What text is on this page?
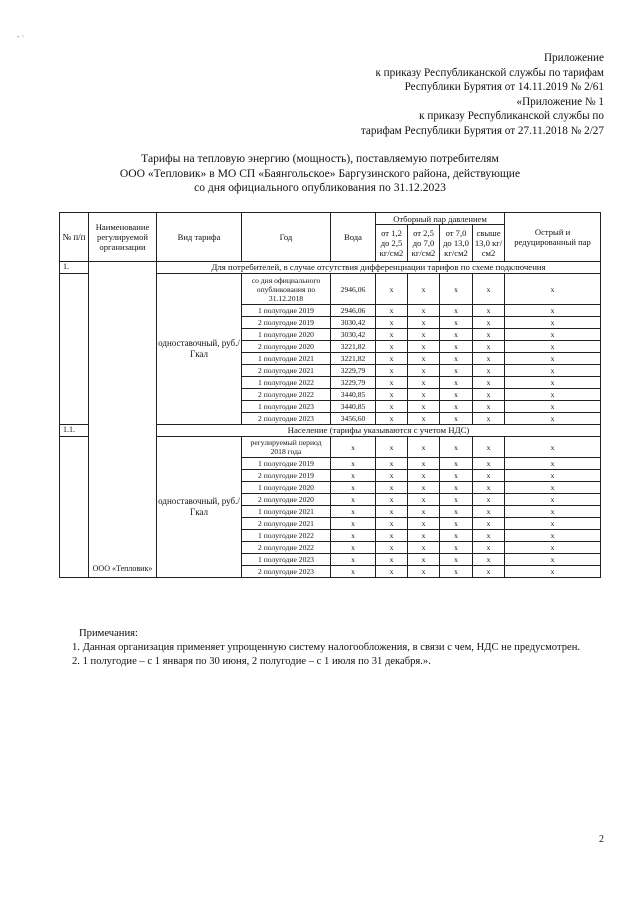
- ·
Приложение
к приказу Республиканской службы по тарифам
Республики Бурятия от 14.11.2019 № 2/61
«Приложение № 1
к приказу Республиканской службы по
тарифам Республики Бурятия от 27.11.2018 № 2/27
Тарифы на тепловую энергию (мощность), поставляемую потребителям
ООО «Тепловик» в МО СП «Баянгольское» Баргузинского района, действующие
со дня официального опубликования по 31.12.2023
№ п/п	Наименование регулируемой организации	Вид тарифа	Год	Вода	Отборный пар давлением				Острый и редуцированный пар
					от 1,2 до 2,5 кг/см2	от 2,5 до 7,0 кг/см2	от 7,0 до 13,0 кг/см2	свыше 13,0 кг/см2	
1.	ООО «Тепловик»	Для потребителей, в случае отсутствия дифференциации тарифов по схеме подключения							
		одноставочный, руб./Гкал	со дня официального опубликования по 31.12.2018	2946,06	х	х	х	х	х
			1 полугодие 2019	2946,06	х	х	х	х	х
			2 полугодие 2019	3030,42	х	х	х	х	х
			1 полугодие 2020	3030,42	х	х	х	х	х
			2 полугодие 2020	3221,82	х	х	х	х	х
			1 полугодие 2021	3221,82	х	х	х	х	х
			2 полугодие 2021	3229,79	х	х	х	х	х
			1 полугодие 2022	3229,79	х	х	х	х	х
			2 полугодие 2022	3440,85	х	х	х	х	х
			1 полугодие 2023	3440,85	х	х	х	х	х
			2 полугодие 2023	3456,60	х	х	х	х	х
1.1.		Население (тарифы указываются с учетом НДС)							
		одноставочный, руб./Гкал	регулируемый период 2018 года	х	х	х	х	х	х
			1 полугодие 2019	х	х	х	х	х	х
			2 полугодие 2019	х	х	х	х	х	х
			1 полугодие 2020	х	х	х	х	х	х
			2 полугодие 2020	х	х	х	х	х	х
			1 полугодие 2021	х	х	х	х	х	х
			2 полугодие 2021	х	х	х	х	х	х
			1 полугодие 2022	х	х	х	х	х	х
			2 полугодие 2022	х	х	х	х	х	х
			1 полугодие 2023	х	х	х	х	х	х
			2 полугодие 2023	х	х	х	х	х	х

Примечания:

1. Данная организация применяет упрощенную систему налогообложения, в связи с чем, НДС не предусмотрен.

2. 1 полугодие – с 1 января по 30 июня, 2 полугодие – с 1 июля по 31 декабря.».

2
